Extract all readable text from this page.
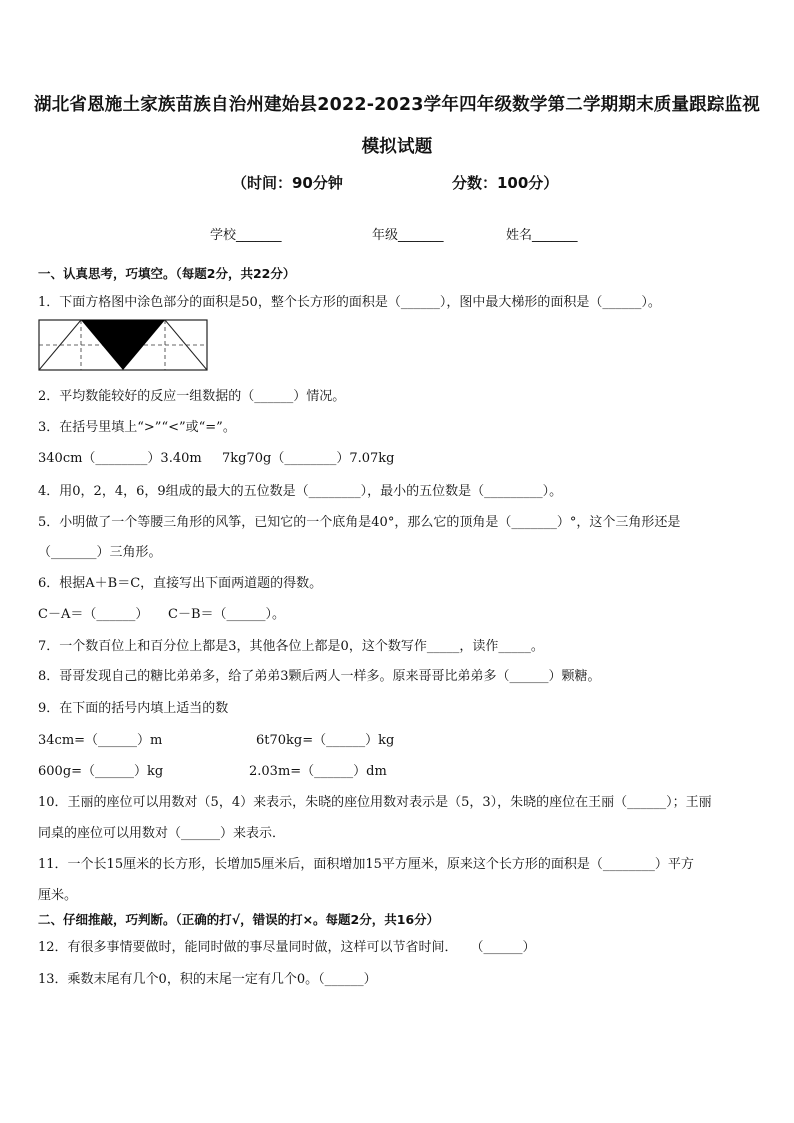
湖北省恩施土家族苗族自治州建始县2022-2023学年四年级数学第二学期期末质量跟踪监视模拟试题
（时间：90分钟	分数：100分）
学校_______	年级_______	姓名_______
一、认真思考，巧填空。（每题2分，共22分）
1．下面方格图中涂色部分的面积是50，整个长方形的面积是（______），图中最大梯形的面积是（______）。
2．平均数能较好的反应一组数据的（______）情况。
3．在括号里填上“>”“<”或“=”。
340cm（________）3.40m 7kg70g（________）7.07kg
4．用0，2，4，6，9组成的最大的五位数是（________），最小的五位数是（_________）。
5．小明做了一个等腰三角形的风筝，已知它的一个底角是40°，那么它的顶角是（_______）°，这个三角形还是
（_______）三角形。
6．根据A＋B＝C，直接写出下面两道题的得数。
C－A＝（______） C－B＝（______）。
7．一个数百位上和百分位上都是3，其他各位上都是0，这个数写作_____，读作_____。
8．哥哥发现自己的糖比弟弟多，给了弟弟3颗后两人一样多。原来哥哥比弟弟多（______）颗糖。
9．在下面的括号内填上适当的数
34cm=（______）m	6t70kg=（______）kg
600g=（______）kg	2.03m=（______）dm
10．王丽的座位可以用数对（5，4）来表示，朱晓的座位用数对表示是（5，3），朱晓的座位在王丽（______）；王丽
同桌的座位可以用数对（______）来表示．
11．一个长15厘米的长方形，长增加5厘米后，面积增加15平方厘米，原来这个长方形的面积是（________）平方
厘米。
二、仔细推敲，巧判断。（正确的打√，错误的打×。每题2分，共16分）
12．有很多事情要做时，能同时做的事尽量同时做，这样可以节省时间．　　（______）
13．乘数末尾有几个0，积的末尾一定有几个0。（______）
